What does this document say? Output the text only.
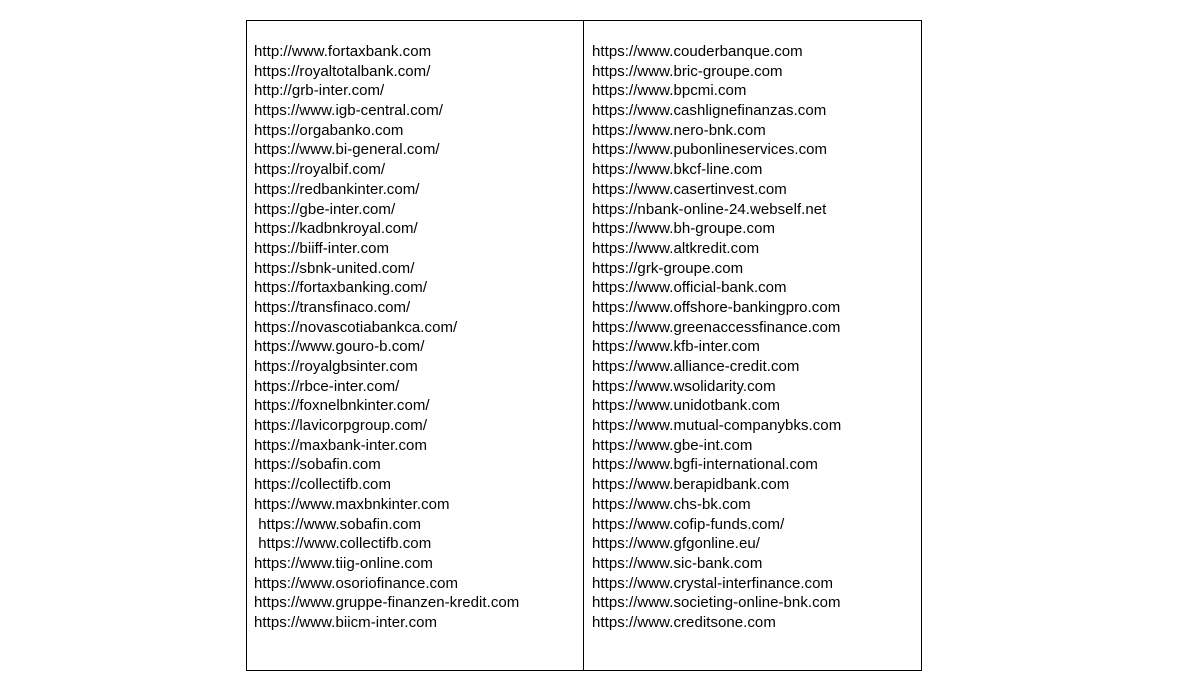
http://www.fortaxbank.com
https://royaltotalbank.com/
http://grb-inter.com/
https://www.igb-central.com/
https://orgabanko.com
https://www.bi-general.com/
https://royalbif.com/
https://redbankinter.com/
https://gbe-inter.com/
https://kadbnkroyal.com/
https://biiff-inter.com
https://sbnk-united.com/
https://fortaxbanking.com/
https://transfinaco.com/
https://novascotiabankca.com/
https://www.gouro-b.com/
https://royalgbsinter.com
https://rbce-inter.com/
https://foxnelbnkinter.com/
https://lavicorpgroup.com/
https://maxbank-inter.com
https://sobafin.com
https://collectifb.com
https://www.maxbnkinter.com
https://www.sobafin.com
https://www.collectifb.com
https://www.tiig-online.com
https://www.osoriofinance.com
https://www.gruppe-finanzen-kredit.com
https://www.biicm-inter.com
https://www.couderbanque.com
https://www.bric-groupe.com
https://www.bpcmi.com
https://www.cashlignefinanzas.com
https://www.nero-bnk.com
https://www.pubonlineservices.com
https://www.bkcf-line.com
https://www.casertinvest.com
https://nbank-online-24.webself.net
https://www.bh-groupe.com
https://www.altkredit.com
https://grk-groupe.com
https://www.official-bank.com
https://www.offshore-bankingpro.com
https://www.greenaccessfinance.com
https://www.kfb-inter.com
https://www.alliance-credit.com
https://www.wsolidarity.com
https://www.unidotbank.com
https://www.mutual-companybks.com
https://www.gbe-int.com
https://www.bgfi-international.com
https://www.berapidbank.com
https://www.chs-bk.com
https://www.cofip-funds.com/
https://www.gfgonline.eu/
https://www.sic-bank.com
https://www.crystal-interfinance.com
https://www.societing-online-bnk.com
https://www.creditsone.com
